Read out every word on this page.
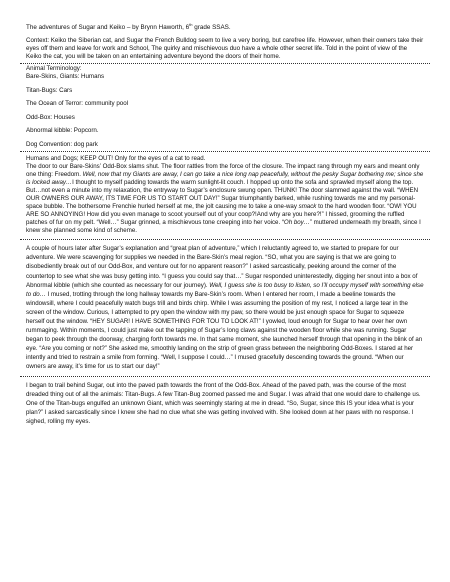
The adventures of Sugar and Keiko – by Brynn Haworth, 6th grade SSAS.

Context: Keiko the Siberian cat, and Sugar the French Bulldog seem to live a very boring, but carefree life. However, when their owners take their eyes off them and leave for work and School, The quirky and mischievous duo have a whole other secret life. Told in the point of view of the Keiko the cat, you will be taken on an entertaining adventure beyond the doors of their home.

Animal Terminology:

Bare-Skins, Giants: Humans

Titan-Bugs: Cars

The Ocean of Terror: community pool

Odd-Box: Houses

Abnormal kibble: Popcorn.

Dog Convention: dog park

Humans and Dogs; KEEP OUT! Only for the eyes of a cat to read.

The door to our Bare-Skins’ Odd-Box slams shut. The floor rattles from the force of the closure. The impact rang through my ears and meant only one thing: Freedom. Well, now that my Giants are away, I can go take a nice long nap peacefully, without the pesky Sugar bothering me; since she is locked away…I thought to myself padding towards the warm sunlight-lit couch. I hopped up onto the sofa and sprawled myself along the top. But…not even a minute into my relaxation, the entryway to Sugar’s enclosure swung open. THUNK! The door slammed against the wall. “WHEN OUR OWNERS OUR AWAY, ITS TIME FOR US TO START OUT DAY!” Sugar triumphantly barked, while rushing towards me and my personal-space bubble. The bothersome Frenchie hurled herself at me, the jolt causing me to take a one-way smack to the hard wooden floor. “OW! YOU ARE SO ANNOYING! How did you even manage to scoot yourself out of your coop?!And why are you here?!” I hissed, grooming the ruffled patches of fur on my pelt. “Well…” Sugar grinned, a mischievous tone creeping into her voice. “Oh boy…” muttered underneath my breath, since I knew she planned some kind of scheme.

A couple of hours later after Sugar’s explanation and “great plan of adventure,” which I reluctantly agreed to, we started to prepare for our adventure. We were scavenging for supplies we needed in the Bare-Skin’s meal region. “SO, what you are saying is that we are going to disobediently break out of our Odd-Box, and venture out for no apparent reason?” I asked sarcastically, peeking around the corner of the countertop to see what she was busy getting into. “I guess you could say that…” Sugar responded uninterestedly, digging her snout into a box of Abnormal kibble (which she counted as necessary for our journey). Well, I guess she is too busy to listen, so I’ll occupy myself with something else to do… I mused, trotting through the long hallway towards my Bare-Skin’s room. When I entered her room, I made a beeline towards the windowsill, where I could peacefully watch bugs trill and birds chirp. While I was assuming the position of my rest, I noticed a large tear in the screen of the window. Curious, I attempted to pry open the window with my paw, so there would be just enough space for Sugar to squeeze herself out the window. “HEY SUGAR! I HAVE SOMETHING FOR TOU TO LOOK AT!” I yowled, loud enough for Sugar to hear over her own rummaging. Within moments, I could just make out the tapping of Sugar’s long claws against the wooden floor while she was running. Sugar began to peek through the doorway, charging forth towards me. In that same moment, she launched herself through that opening in the blink of an eye. “Are you coming or not?” She asked me, smoothly landing on the strip of green grass between the neighboring Odd-Boxes. I stared at her intently and tried to restrain a smile from forming. “Well, I suppose I could…” I mused gracefully descending towards the ground. “When our owners are away, it’s time for us to start our day!”

I began to trail behind Sugar, out into the paved path towards the front of the Odd-Box. Ahead of the paved path, was the course of the most dreaded thing out of all the animals: Titan-Bugs. A few Titan-Bug zoomed passed me and Sugar. I was afraid that one would dare to challenge us. One of the Titan-bugs engulfed an unknown Giant, which was seemingly staring at me in dread. “So, Sugar, since this IS your idea what is your plan?” I asked sarcastically since I knew she had no clue what she was getting involved with. She looked down at her paws with no response. I sighed, rolling my eyes.
